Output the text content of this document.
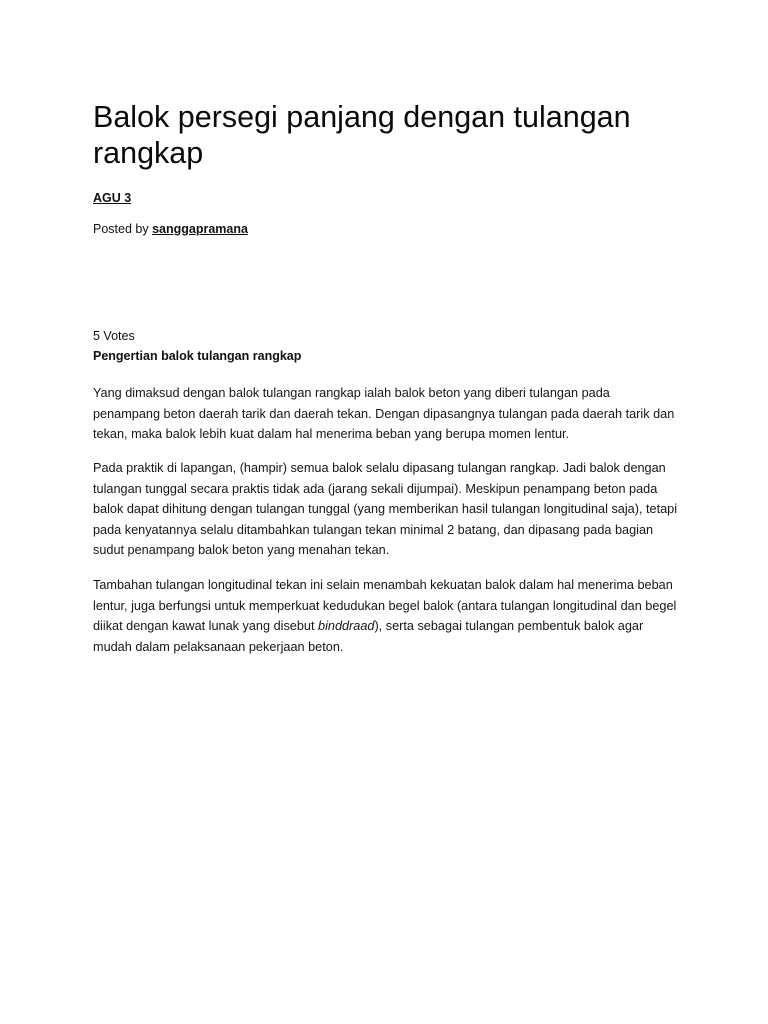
Balok persegi panjang dengan tulangan rangkap
AGU 3
Posted by sanggapramana
5 Votes
Pengertian balok tulangan rangkap

Yang dimaksud dengan balok tulangan rangkap ialah balok beton yang diberi tulangan pada penampang beton daerah tarik dan daerah tekan. Dengan dipasangnya tulangan pada daerah tarik dan tekan, maka balok lebih kuat dalam hal menerima beban yang berupa momen lentur.

Pada praktik di lapangan, (hampir) semua balok selalu dipasang tulangan rangkap. Jadi balok dengan tulangan tunggal secara praktis tidak ada (jarang sekali dijumpai). Meskipun penampang beton pada balok dapat dihitung dengan tulangan tunggal (yang memberikan hasil tulangan longitudinal saja), tetapi pada kenyatannya selalu ditambahkan tulangan tekan minimal 2 batang, dan dipasang pada bagian sudut penampang balok beton yang menahan tekan.

Tambahan tulangan longitudinal tekan ini selain menambah kekuatan balok dalam hal menerima beban lentur, juga berfungsi untuk memperkuat kedudukan begel balok (antara tulangan longitudinal dan begel diikat dengan kawat lunak yang disebut binddraad), serta sebagai tulangan pembentuk balok agar mudah dalam pelaksanaan pekerjaan beton.
